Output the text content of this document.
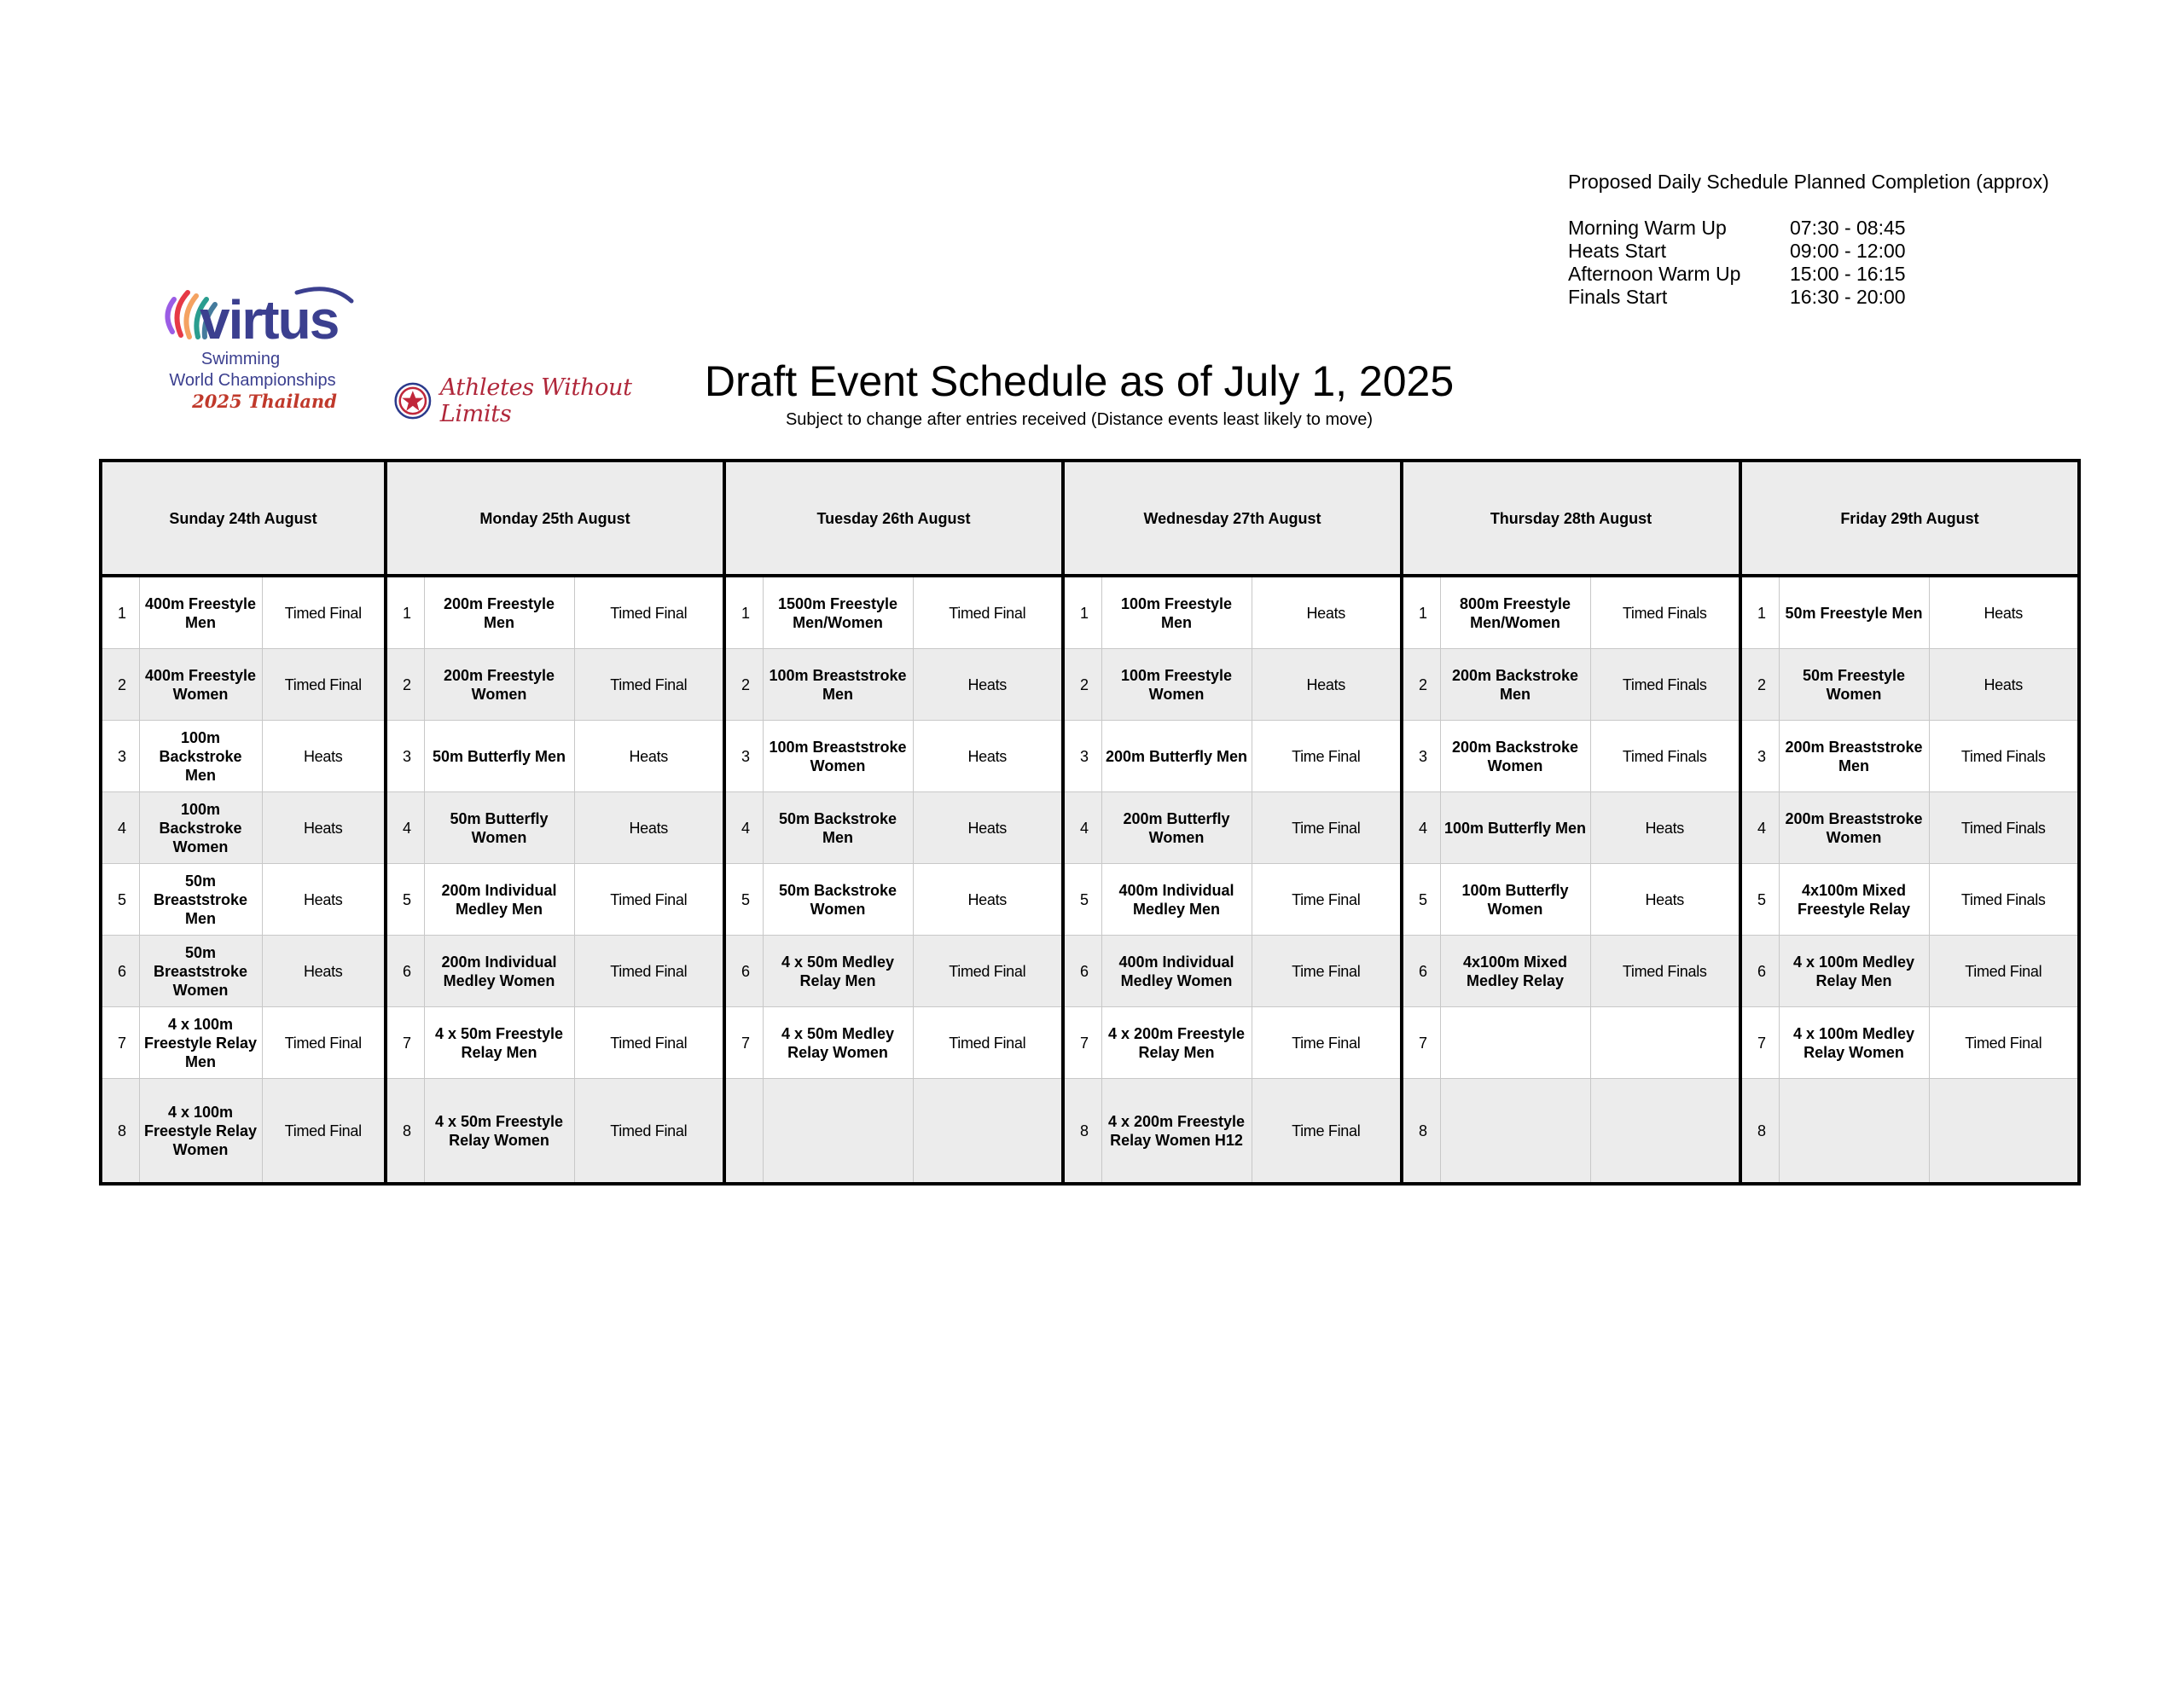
Proposed Daily Schedule Planned Completion (approx)
Morning Warm Up	07:30 - 08:45
Heats Start	09:00 - 12:00
Afternoon Warm Up	15:00 - 16:15
Finals Start	16:30 - 20:00
virtus
Swimming
World Championships
2025 Thailand
Athletes Without Limits
Draft Event Schedule as of July 1, 2025
Subject to change after entries received (Distance events least likely to move)
Sunday 24th August			Monday 25th August			Tuesday 26th August			Wednesday 27th August			Thursday 28th August			Friday 29th August		
1	400m Freestyle Men	Timed Final	1	200m Freestyle Men	Timed Final	1	1500m Freestyle Men/Women	Timed Final	1	100m Freestyle Men	Heats	1	800m Freestyle Men/Women	Timed Finals	1	50m Freestyle Men	Heats
2	400m Freestyle Women	Timed Final	2	200m Freestyle Women	Timed Final	2	100m Breaststroke Men	Heats	2	100m Freestyle Women	Heats	2	200m Backstroke Men	Timed Finals	2	50m Freestyle Women	Heats
3	100m Backstroke Men	Heats	3	50m Butterfly Men	Heats	3	100m Breaststroke Women	Heats	3	200m Butterfly Men	Time Final	3	200m Backstroke Women	Timed Finals	3	200m Breaststroke Men	Timed Finals
4	100m Backstroke Women	Heats	4	50m Butterfly Women	Heats	4	50m Backstroke Men	Heats	4	200m Butterfly Women	Time Final	4	100m Butterfly Men	Heats	4	200m Breaststroke Women	Timed Finals
5	50m Breaststroke Men	Heats	5	200m Individual Medley Men	Timed Final	5	50m Backstroke Women	Heats	5	400m Individual Medley Men	Time Final	5	100m Butterfly Women	Heats	5	4x100m Mixed Freestyle Relay	Timed Finals
6	50m Breaststroke Women	Heats	6	200m Individual Medley Women	Timed Final	6	4 x 50m Medley Relay Men	Timed Final	6	400m Individual Medley Women	Time Final	6	4x100m Mixed Medley Relay	Timed Finals	6	4 x 100m Medley Relay Men	Timed Final
7	4 x 100m Freestyle Relay Men	Timed Final	7	4 x 50m Freestyle Relay Men	Timed Final	7	4 x 50m Medley Relay Women	Timed Final	7	4 x 200m Freestyle Relay Men	Time Final	7			7	4 x 100m Medley Relay Women	Timed Final
8	4 x 100m Freestyle Relay Women	Timed Final	8	4 x 50m Freestyle Relay Women	Timed Final				8	4 x 200m Freestyle Relay Women H12	Time Final	8			8		
